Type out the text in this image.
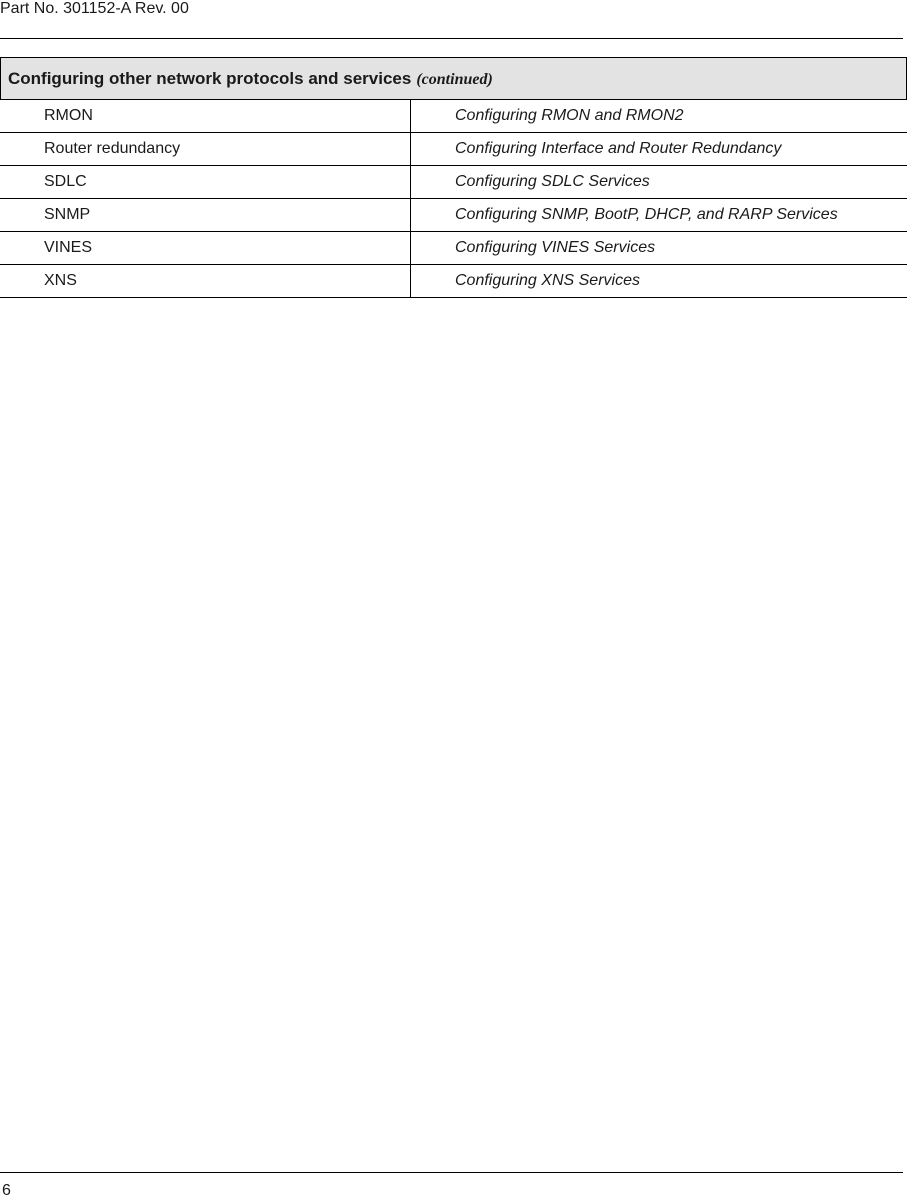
Part No. 301152-A Rev. 00
Configuring other network protocols and services (continued)	
RMON	Configuring RMON and RMON2
Router redundancy	Configuring Interface and Router Redundancy
SDLC	Configuring SDLC Services
SNMP	Configuring SNMP, BootP, DHCP, and RARP Services
VINES	Configuring VINES Services
XNS	Configuring XNS Services
6
